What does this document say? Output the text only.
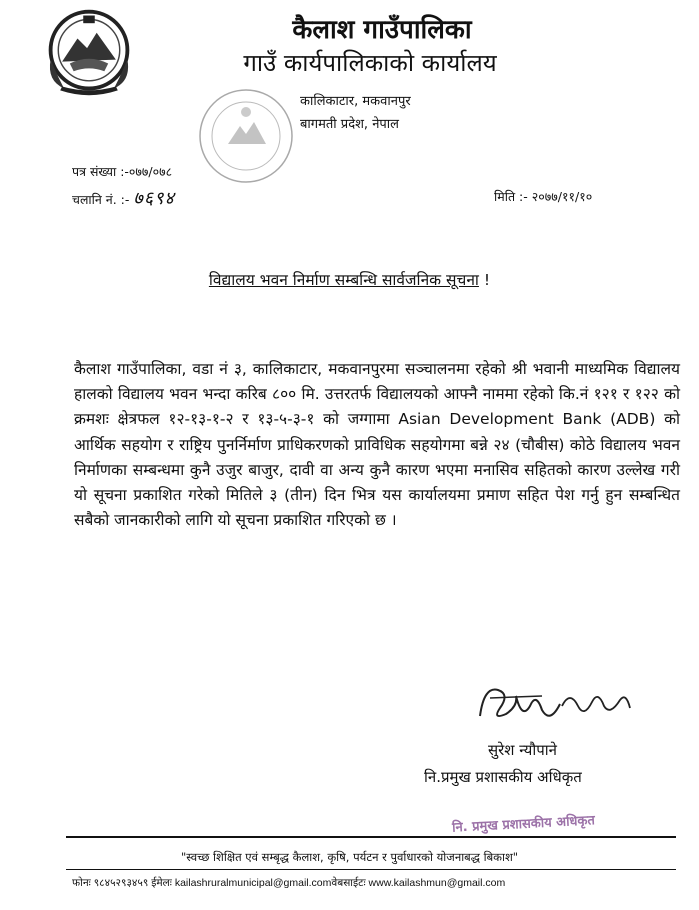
कैलाश गाउँपालिका
गाउँ कार्यपालिकाको कार्यालय
कालिकाटार, मकवानपुर
बागमती प्रदेश, नेपाल
पत्र संख्या :-०७७/०७८
चलानि नं. :- ७६९४	मिति :- २०७७/११/१०
विद्यालय भवन निर्माण सम्बन्धि सार्वजनिक सूचना !
कैलाश गाउँपालिका, वडा नं ३, कालिकाटार, मकवानपुरमा सञ्चालनमा रहेको श्री भवानी माध्यमिक विद्यालय हालको विद्यालय भवन भन्दा करिब ८०० मि. उत्तरतर्फ विद्यालयको आफ्नै नाममा रहेको कि.नं १२१ र १२२ को क्रमशः क्षेत्रफल १२-१३-१-२ र १३-५-३-१ को जग्गामा Asian Development Bank (ADB) को आर्थिक सहयोग र राष्ट्रिय पुनर्निर्माण प्राधिकरणको प्राविधिक सहयोगमा बन्ने २४ (चौबीस) कोठे विद्यालय भवन निर्माणका सम्बन्धमा कुनै उजुर बाजुर, दावी वा अन्य कुनै कारण भएमा मनासिव सहितको कारण उल्लेख गरी यो सूचना प्रकाशित गरेको मितिले ३ (तीन) दिन भित्र यस कार्यालयमा प्रमाण सहित पेश गर्नु हुन सम्बन्धित सबैको जानकारीको लागि यो सूचना प्रकाशित गरिएको छ ।
सुरेश न्यौपाने
नि.प्रमुख प्रशासकीय अधिकृत
नि. प्रमुख प्रशासकीय अधिकृत
"स्वच्छ शिक्षित एवं सम्बृद्ध कैलाश, कृषि, पर्यटन र पुर्वाधारको योजनाबद्ध बिकाश"
फोनः ९८४५२९३४५९ ईमेलः kailashruralmunicipal@gmail.comवेबसाईटः www.kailashmun@gmail.com
